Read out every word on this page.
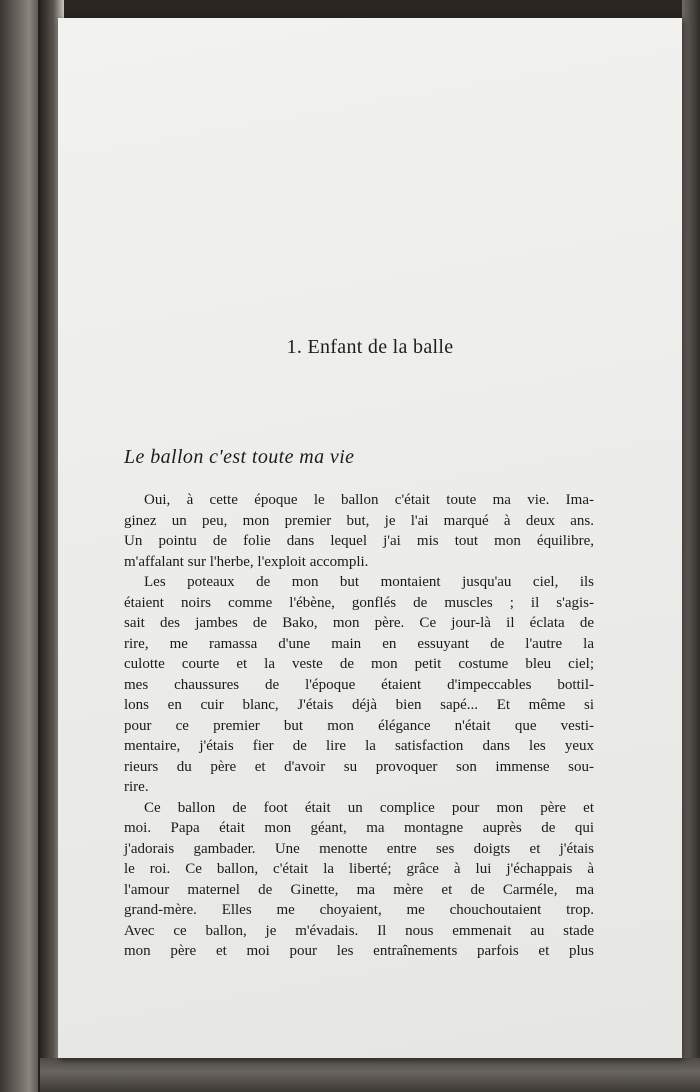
1. Enfant de la balle
Le ballon c'est toute ma vie
Oui, à cette époque le ballon c'était toute ma vie. Ima-
ginez un peu, mon premier but, je l'ai marqué à deux ans.
Un pointu de folie dans lequel j'ai mis tout mon équilibre,
m'affalant sur l'herbe, l'exploit accompli.
Les poteaux de mon but montaient jusqu'au ciel, ils
étaient noirs comme l'ébène, gonflés de muscles ; il s'agis-
sait des jambes de Bako, mon père. Ce jour-là il éclata de
rire, me ramassa d'une main en essuyant de l'autre la
culotte courte et la veste de mon petit costume bleu ciel;
mes chaussures de l'époque étaient d'impeccables bottil-
lons en cuir blanc, J'étais déjà bien sapé... Et même si
pour ce premier but mon élégance n'était que vesti-
mentaire, j'étais fier de lire la satisfaction dans les yeux
rieurs du père et d'avoir su provoquer son immense sou-
rire.
Ce ballon de foot était un complice pour mon père et
moi. Papa était mon géant, ma montagne auprès de qui
j'adorais gambader. Une menotte entre ses doigts et j'étais
le roi. Ce ballon, c'était la liberté; grâce à lui j'échappais à
l'amour maternel de Ginette, ma mère et de Carméle, ma
grand-mère. Elles me choyaient, me chouchoutaient trop.
Avec ce ballon, je m'évadais. Il nous emmenait au stade
mon père et moi pour les entraînements parfois et plus
